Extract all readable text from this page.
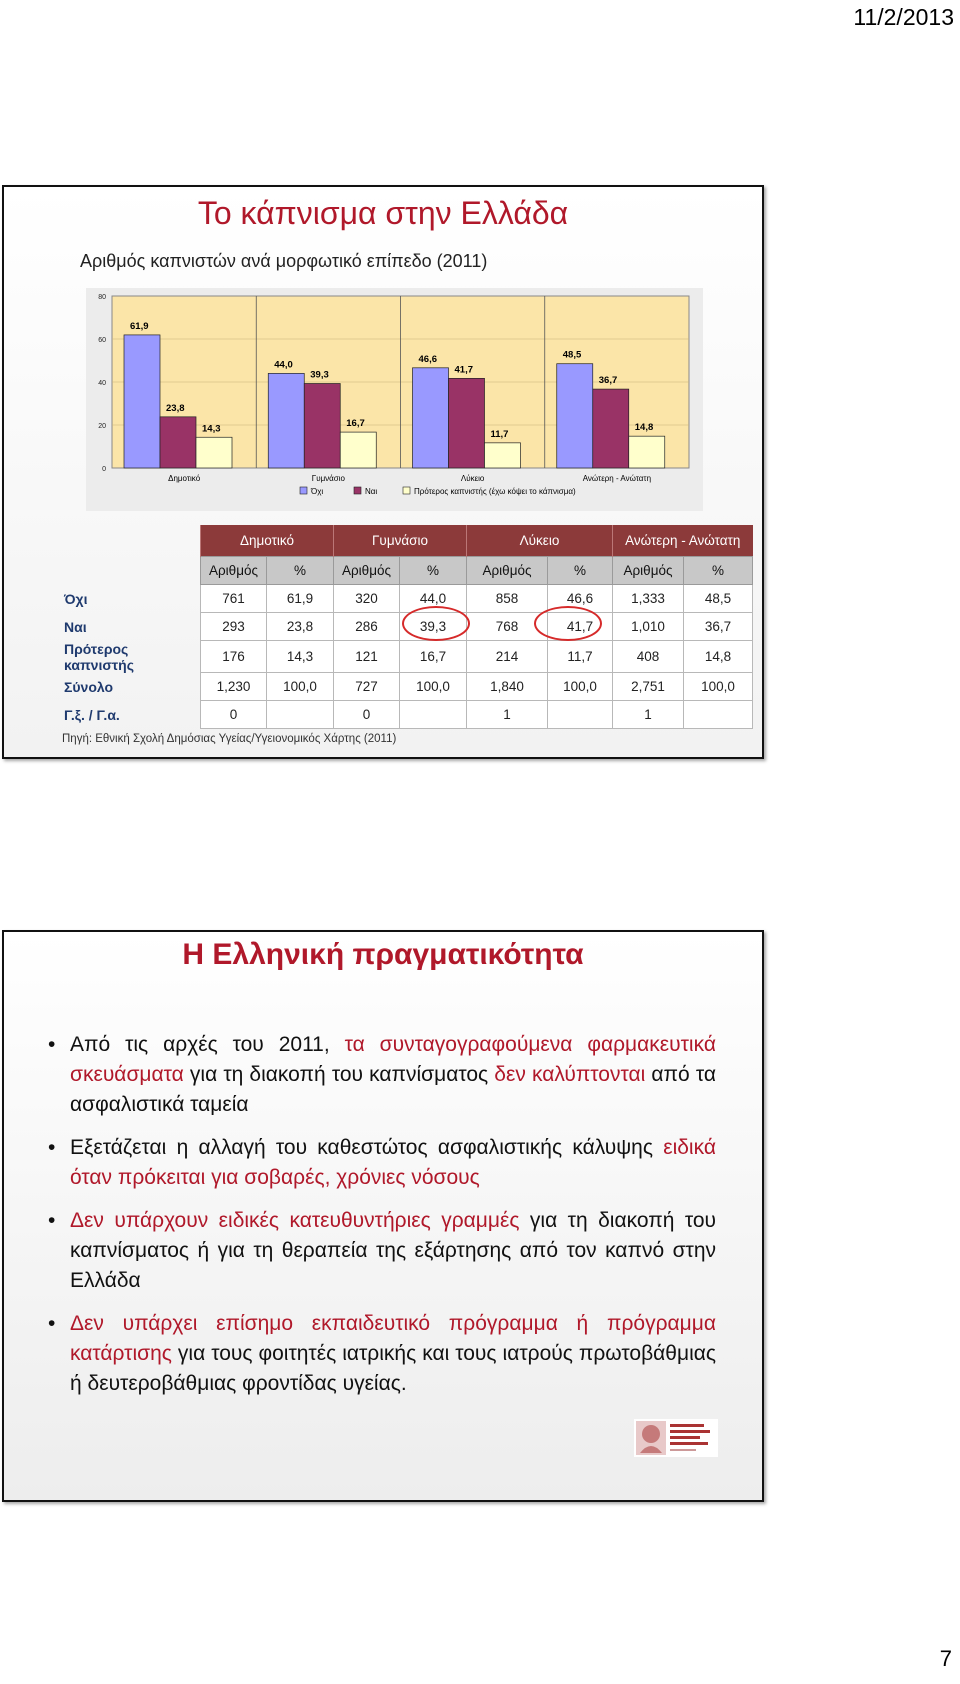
11/2/2013
Το κάπνισμα στην Ελλάδα
Αριθμός καπνιστών ανά μορφωτικό επίπεδο (2011)
0
20
40
60
80
61,9
23,8
14,3
Δημοτικό
44,0
39,3
16,7
Γυμνάσιο
46,6
41,7
11,7
Λύκειο
48,5
36,7
14,8
Ανώτερη - Ανώτατη
Όχι	Ναι	Πρότερος καπνιστής (έχω κόψει το κάπνισμα)
	Δημοτικό		Γυμνάσιο		Λύκειο		Ανώτερη - Ανώτατη	
	Αριθμός	%	Αριθμός	%	Αριθμός	%	Αριθμός	%
Όχι	761	61,9	320	44,0	858	46,6	1,333	48,5
Ναι	293	23,8	286	39,3	768	41,7	1,010	36,7
Πρότερος καπνιστής	176	14,3	121	16,7	214	11,7	408	14,8
Σύνολο	1,230	100,0	727	100,0	1,840	100,0	2,751	100,0
Γ.ξ. / Γ.α.	0		0		1		1	
Πηγή: Εθνική Σχολή Δημόσιας Υγείας/Υγειονομικός Χάρτης (2011)
Η Ελληνική πραγματικότητα
• Από τις αρχές του 2011, τα συνταγογραφούμενα φαρμακευτικά σκευάσματα για τη διακοπή του καπνίσματος δεν καλύπτονται από τα ασφαλιστικά ταμεία
• Εξετάζεται η αλλαγή του καθεστώτος ασφαλιστικής κάλυψης ειδικά όταν πρόκειται για σοβαρές, χρόνιες νόσους
• Δεν υπάρχουν ειδικές κατευθυντήριες γραμμές για τη διακοπή του καπνίσματος ή για τη θεραπεία της εξάρτησης από τον καπνό στην Ελλάδα
• Δεν υπάρχει επίσημο εκπαιδευτικό πρόγραμμα ή πρόγραμμα κατάρτισης για τους φοιτητές ιατρικής και τους ιατρούς πρωτοβάθμιας ή δευτεροβάθμιας φροντίδας υγείας.
7
